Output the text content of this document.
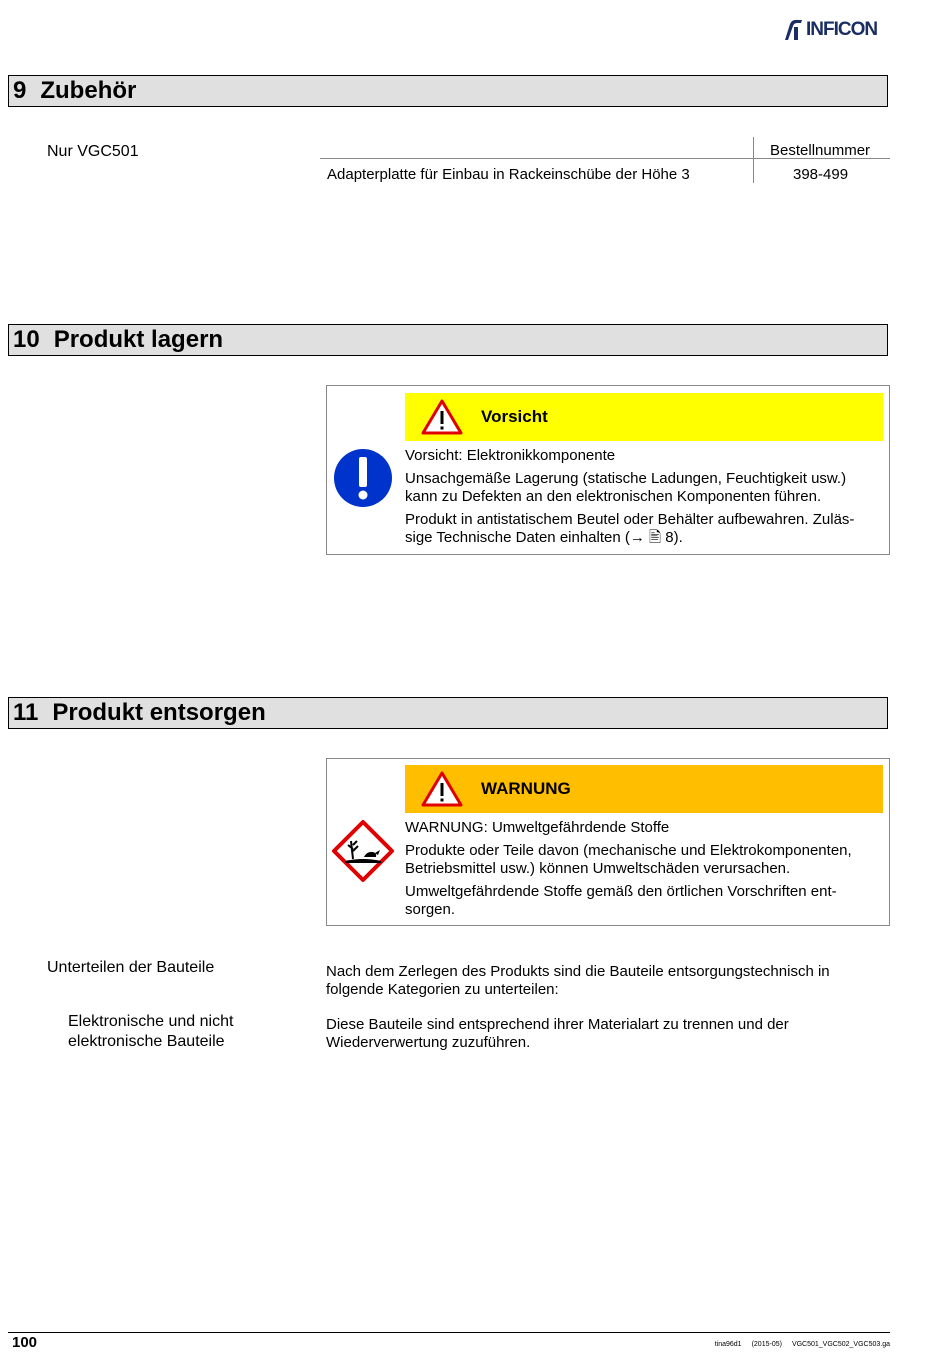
INFICON
9 Zubehör
Nur VGC501	Bestellnummer
Adapterplatte für Einbau in Rackeinschübe der Höhe 3	398-499
10 Produkt lagern
Vorsicht

Vorsicht: Elektronikkomponente

Unsachgemäße Lagerung (statische Ladungen, Feuchtigkeit usw.) kann zu Defekten an den elektronischen Komponenten führen.

Produkt in antistatischem Beutel oder Behälter aufbewahren. Zuläs-sige Technische Daten einhalten (→ 🖹 8).

11 Produkt entsorgen
WARNUNG

WARNUNG: Umweltgefährdende Stoffe

Produkte oder Teile davon (mechanische und Elektrokomponenten, Betriebsmittel usw.) können Umweltschäden verursachen.

Umweltgefährdende Stoffe gemäß den örtlichen Vorschriften ent-sorgen.

Unterteilen der Bauteile	Nach dem Zerlegen des Produkts sind die Bauteile entsorgungstechnisch in folgende Kategorien zu unterteilen:
Elektronische und nicht elektronische Bauteile
Diese Bauteile sind entsprechend ihrer Materialart zu trennen und der Wiederverwertung zuzuführen.
100	tina96d1 (2015-05) VGC501_VGC502_VGC503.ga
